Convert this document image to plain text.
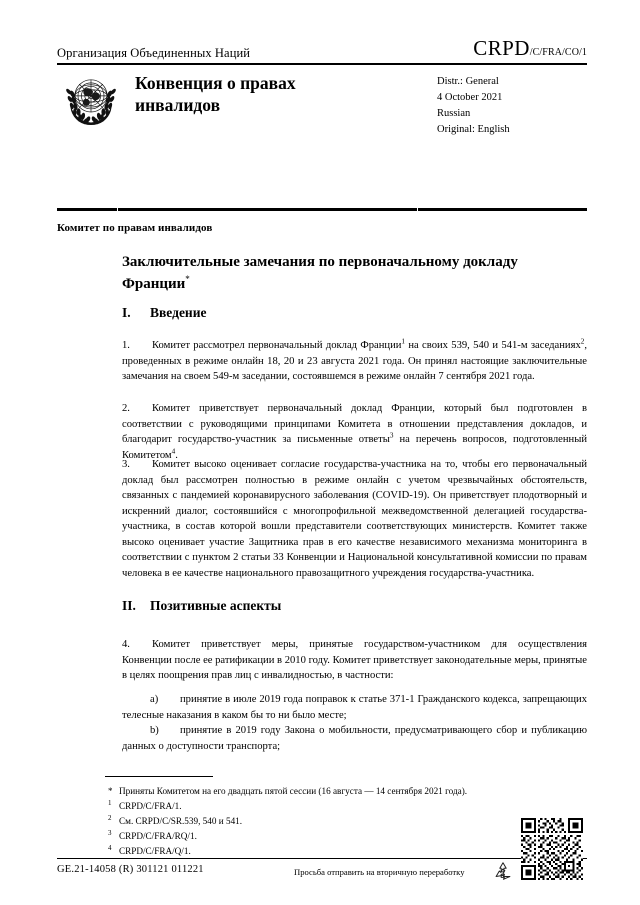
Организация Объединенных Наций	CRPD /C/FRA/CO/1
Конвенция о правах инвалидов
Distr.: General
4 October 2021
Russian
Original: English
Комитет по правам инвалидов
Заключительные замечания по первоначальному докладу Франции*
I.	Введение
1. Комитет рассмотрел первоначальный доклад Франции$^1$ на своих 539, 540 и 541-м заседаниях$^2$, проведенных в режиме онлайн 18, 20 и 23 августа 2021 года. Он принял настоящие заключительные замечания на своем 549-м заседании, состоявшемся в режиме онлайн 7 сентября 2021 года.
2. Комитет приветствует первоначальный доклад Франции, который был подготовлен в соответствии с руководящими принципами Комитета в отношении представления докладов, и благодарит государство-участник за письменные ответы$^3$ на перечень вопросов, подготовленный Комитетом$^4$.
3. Комитет высоко оценивает согласие государства-участника на то, чтобы его первоначальный доклад был рассмотрен полностью в режиме онлайн с учетом чрезвычайных обстоятельств, связанных с пандемией коронавирусного заболевания (COVID-19). Он приветствует плодотворный и искренний диалог, состоявшийся с многопрофильной межведомственной делегацией государства-участника, в состав которой вошли представители соответствующих министерств. Комитет также высоко оценивает участие Защитника прав в его качестве независимого механизма мониторинга в соответствии с пунктом 2 статьи 33 Конвенции и Национальной консультативной комиссии по правам человека в ее качестве национального правозащитного учреждения государства-участника.
II.	Позитивные аспекты
4. Комитет приветствует меры, принятые государством-участником для осуществления Конвенции после ее ратификации в 2010 году. Комитет приветствует законодательные меры, принятые в целях поощрения прав лиц с инвалидностью, в частности:
a) принятие в июле 2019 года поправок к статье 371-1 Гражданского кодекса, запрещающих телесные наказания в каком бы то ни было месте;
b) принятие в 2019 году Закона о мобильности, предусматривающего сбор и публикацию данных о доступности транспорта;
* Приняты Комитетом на его двадцать пятой сессии (16 августа — 14 сентября 2021 года).
1 CRPD/C/FRA/1.
2 См. CRPD/C/SR.539, 540 и 541.
3 CRPD/C/FRA/RQ/1.
4 CRPD/C/FRA/Q/1.
GE.21-14058 (R) 301121 011221	Просьба отправить на вторичную переработку
